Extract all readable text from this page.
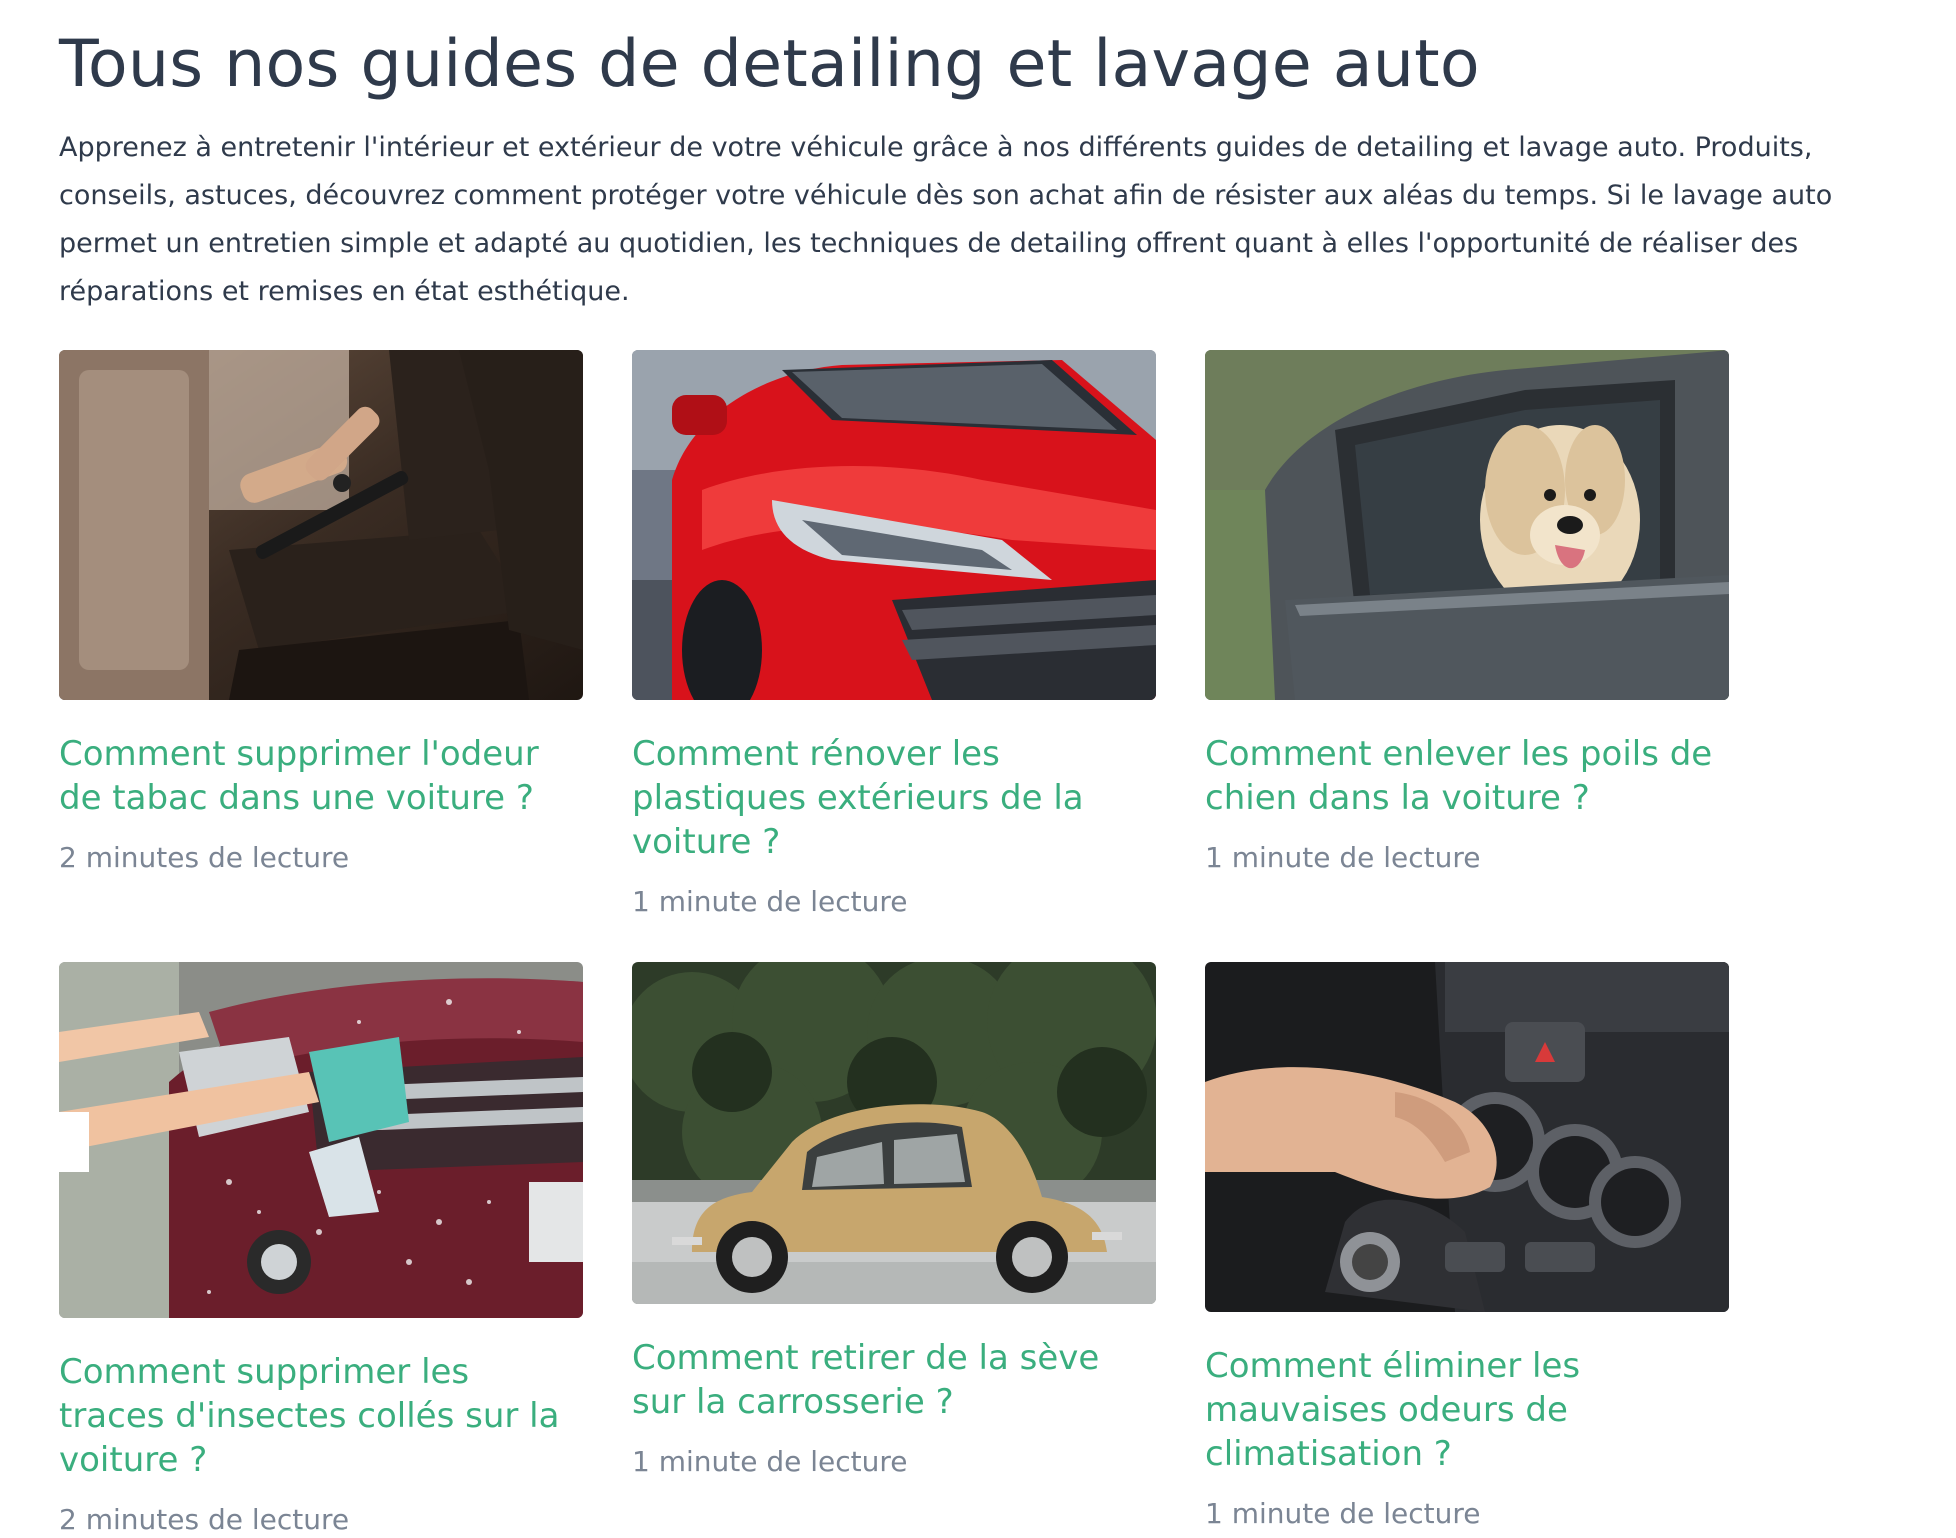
Tous nos guides de detailing et lavage auto

Apprenez à entretenir l'intérieur et extérieur de votre véhicule grâce à nos différents guides de detailing et lavage auto. Produits, conseils, astuces, découvrez comment protéger votre véhicule dès son achat afin de résister aux aléas du temps. Si le lavage auto permet un entretien simple et adapté au quotidien, les techniques de detailing offrent quant à elles l'opportunité de réaliser des réparations et remises en état esthétique.

Comment supprimer l'odeur de tabac dans une voiture ?
2 minutes de lecture
Comment rénover les plastiques extérieurs de la voiture ?
1 minute de lecture
Comment enlever les poils de chien dans la voiture ?
1 minute de lecture
Comment supprimer les traces d'insectes collés sur la voiture ?
2 minutes de lecture
Comment retirer de la sève sur la carrosserie ?
1 minute de lecture
Comment éliminer les mauvaises odeurs de climatisation ?
1 minute de lecture
